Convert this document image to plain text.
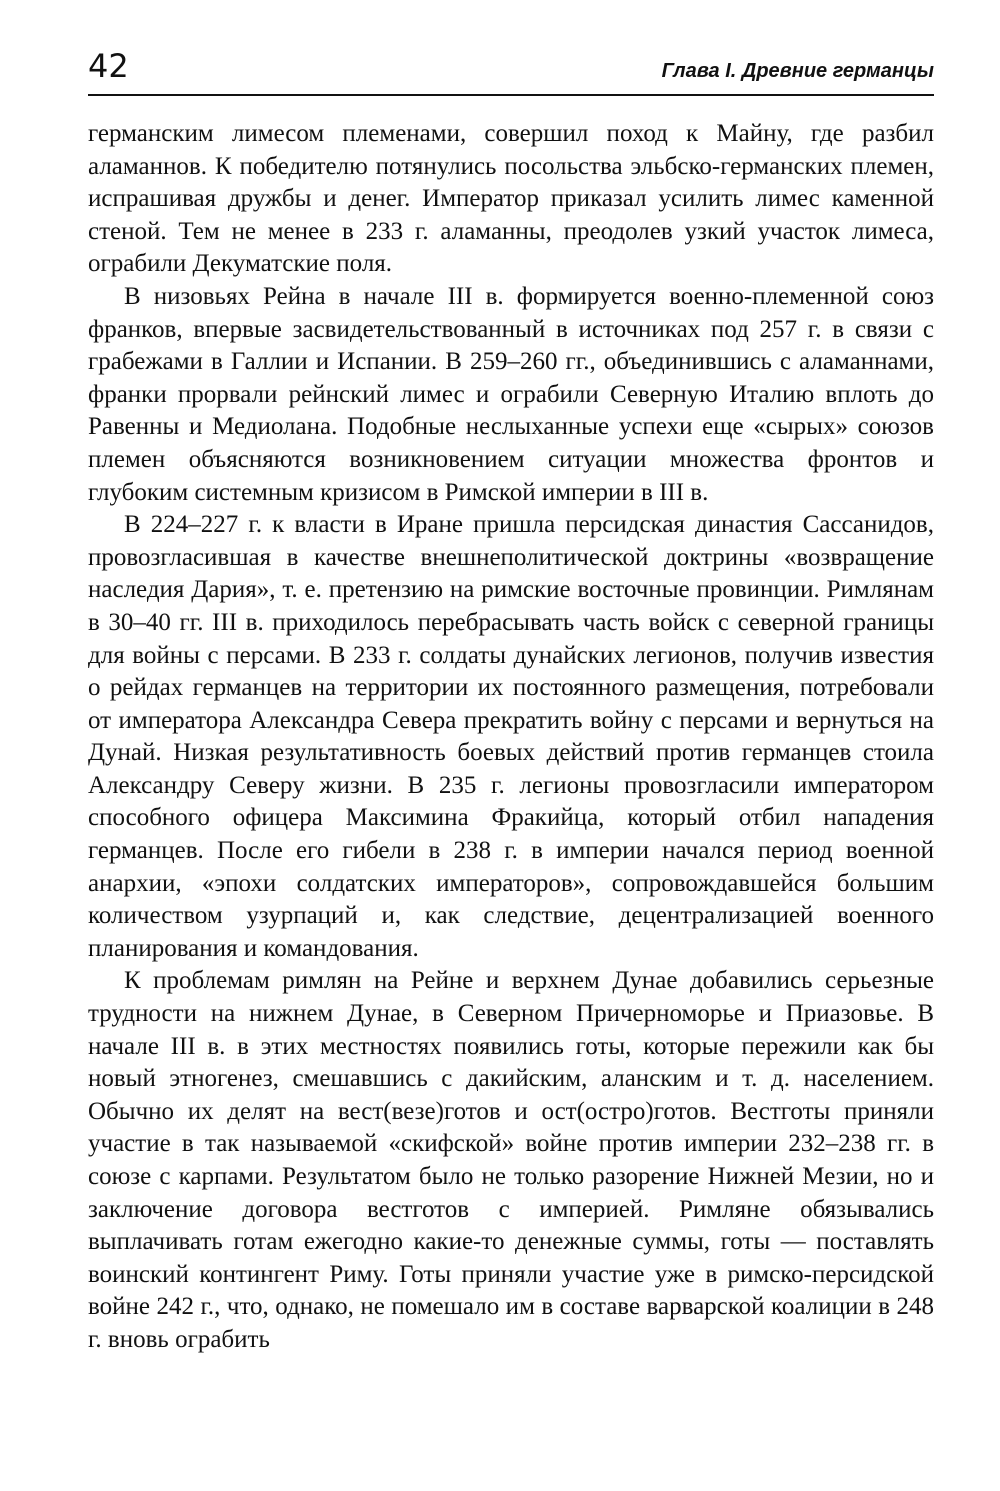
42	Глава I. Древние германцы

германским лимесом племенами, совершил поход к Майну, где разбил аламаннов. К победителю потянулись посольства эльбско-германских племен, испрашивая дружбы и денег. Император приказал усилить лимес каменной стеной. Тем не менее в 233 г. аламанны, преодолев узкий участок лимеса, ограбили Декуматские поля.

В низовьях Рейна в начале III в. формируется военно-племенной союз франков, впервые засвидетельствованный в источниках под 257 г. в связи с грабежами в Галлии и Испании. В 259–260 гг., объединившись с аламаннами, франки прорвали рейнский лимес и ограбили Северную Италию вплоть до Равенны и Медиолана. Подобные неслыханные успехи еще «сырых» союзов племен объясняются возникновением ситуации множества фронтов и глубоким системным кризисом в Римской империи в III в.

В 224–227 г. к власти в Иране пришла персидская династия Сассанидов, провозгласившая в качестве внешнеполитической доктрины «возвращение наследия Дария», т. е. претензию на римские восточные провинции. Римлянам в 30–40 гг. III в. приходилось перебрасывать часть войск с северной границы для войны с персами. В 233 г. солдаты дунайских легионов, получив известия о рейдах германцев на территории их постоянного размещения, потребовали от императора Александра Севера прекратить войну с персами и вернуться на Дунай. Низкая результативность боевых действий против германцев стоила Александру Северу жизни. В 235 г. легионы провозгласили императором способного офицера Максимина Фракийца, который отбил нападения германцев. После его гибели в 238 г. в империи начался период военной анархии, «эпохи солдатских императоров», сопровождавшейся большим количеством узурпаций и, как следствие, децентрализацией военного планирования и командования.

К проблемам римлян на Рейне и верхнем Дунае добавились серьезные трудности на нижнем Дунае, в Северном Причерноморье и Приазовье. В начале III в. в этих местностях появились готы, которые пережили как бы новый этногенез, смешавшись с дакийским, аланским и т. д. населением. Обычно их делят на вест(везе)готов и ост(остро)готов. Вестготы приняли участие в так называемой «скифской» войне против империи 232–238 гг. в союзе с карпами. Результатом было не только разорение Нижней Мезии, но и заключение договора вестготов с империей. Римляне обязывались выплачивать готам ежегодно какие-то денежные суммы, готы — поставлять воинский контингент Риму. Готы приняли участие уже в римско-персидской войне 242 г., что, однако, не помешало им в составе варварской коалиции в 248 г. вновь ограбить
